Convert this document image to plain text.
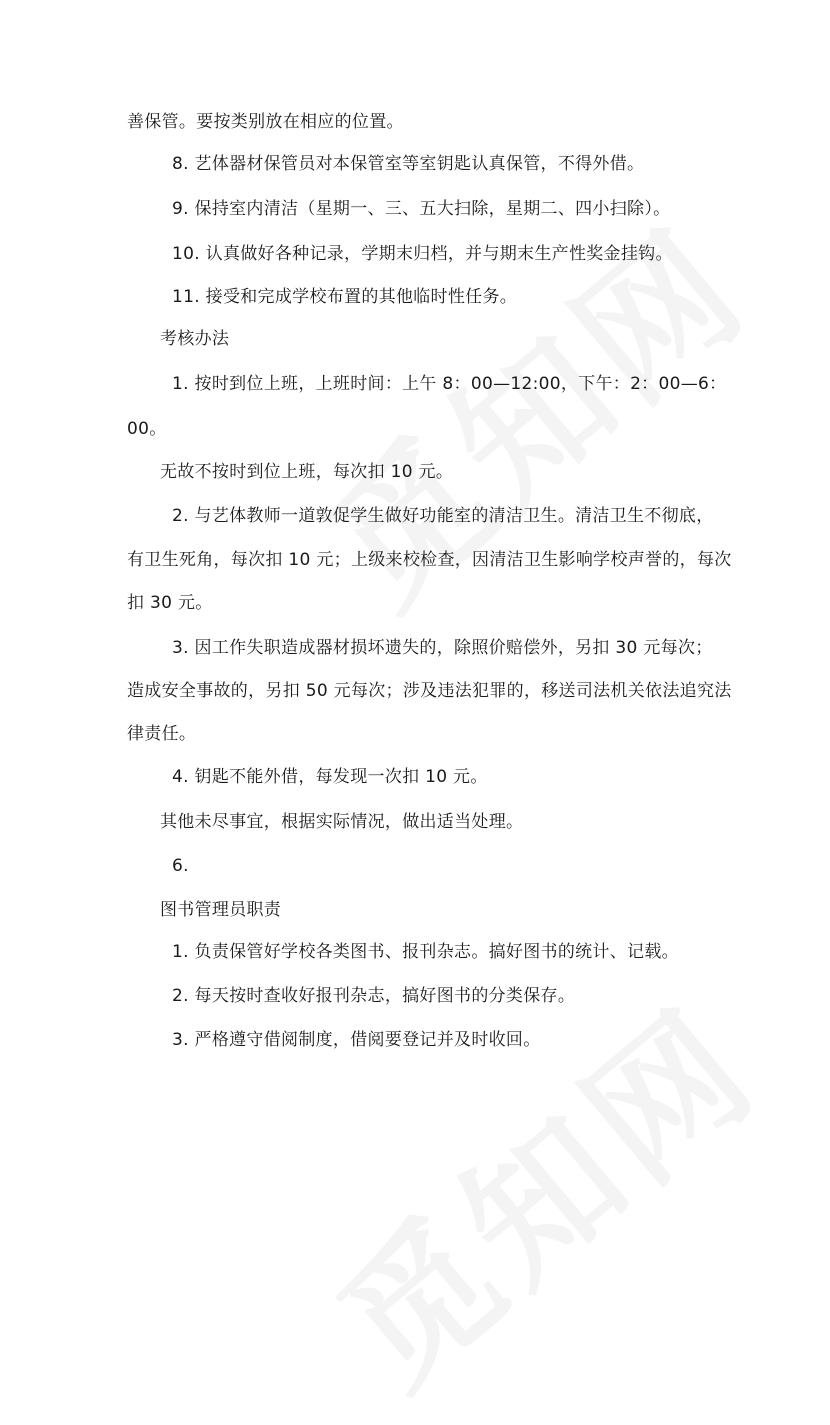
善保管。要按类别放在相应的位置。
8. 艺体器材保管员对本保管室等室钥匙认真保管，不得外借。
9. 保持室内清洁（星期一、三、五大扫除，星期二、四小扫除）。
10. 认真做好各种记录，学期末归档，并与期末生产性奖金挂钩。
11. 接受和完成学校布置的其他临时性任务。
考核办法
1. 按时到位上班，上班时间：上午 8：00—12:00，下午：2：00—6：
00。
无故不按时到位上班，每次扣 10 元。
2. 与艺体教师一道敦促学生做好功能室的清洁卫生。清洁卫生不彻底，
有卫生死角，每次扣 10 元；上级来校检查，因清洁卫生影响学校声誉的，每次
扣 30 元。
3. 因工作失职造成器材损坏遗失的，除照价赔偿外，另扣 30 元每次；
造成安全事故的，另扣 50 元每次；涉及违法犯罪的，移送司法机关依法追究法
律责任。
4. 钥匙不能外借，每发现一次扣 10 元。
其他未尽事宜，根据实际情况，做出适当处理。
6.
图书管理员职责
1. 负责保管好学校各类图书、报刊杂志。搞好图书的统计、记载。
2. 每天按时查收好报刊杂志，搞好图书的分类保存。
3. 严格遵守借阅制度，借阅要登记并及时收回。
